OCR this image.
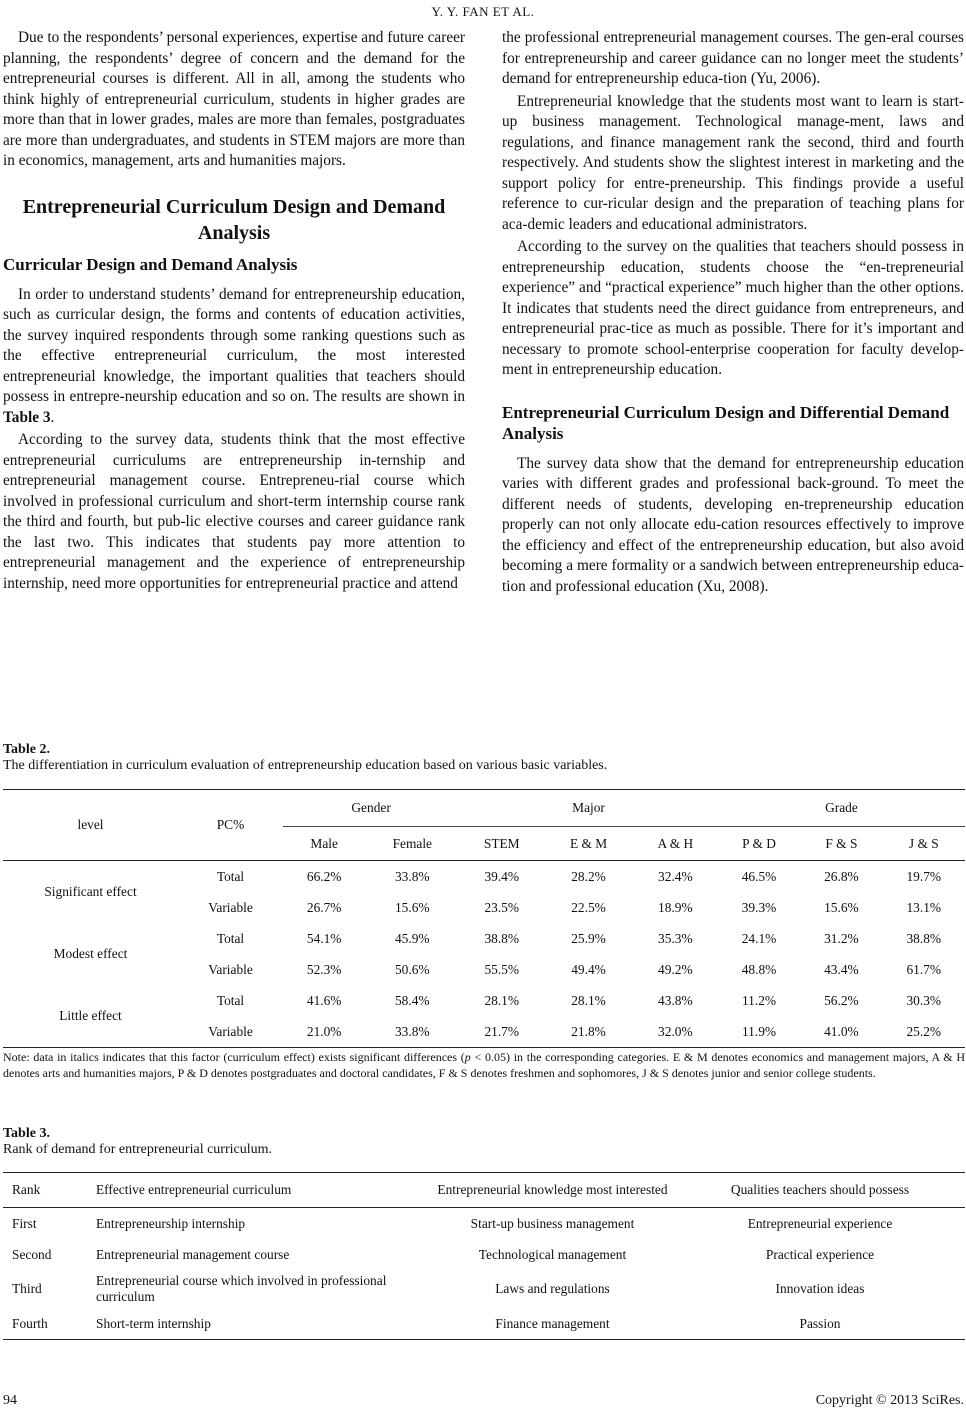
Y. Y. FAN ET AL.

Due to the respondents’ personal experiences, expertise and future career planning, the respondents’ degree of concern and the demand for the entrepreneurial courses is different. All in all, among the students who think highly of entrepreneurial curriculum, students in higher grades are more than that in lower grades, males are more than females, postgraduates are more than undergraduates, and students in STEM majors are more than in economics, management, arts and humanities majors.

Entrepreneurial Curriculum Design and Demand Analysis
Curricular Design and Demand Analysis

In order to understand students’ demand for entrepreneurship education, such as curricular design, the forms and contents of education activities, the survey inquired respondents through some ranking questions such as the effective entrepreneurial curriculum, the most interested entrepreneurial knowledge, the important qualities that teachers should possess in entrepre-neurship education and so on. The results are shown in Table 3.

According to the survey data, students think that the most effective entrepreneurial curriculums are entrepreneurship in-ternship and entrepreneurial management course. Entrepreneu-rial course which involved in professional curriculum and short-term internship course rank the third and fourth, but pub-lic elective courses and career guidance rank the last two. This indicates that students pay more attention to entrepreneurial management and the experience of entrepreneurship internship, need more opportunities for entrepreneurial practice and attend

the professional entrepreneurial management courses. The gen-eral courses for entrepreneurship and career guidance can no longer meet the students’ demand for entrepreneurship educa-tion (Yu, 2006).

Entrepreneurial knowledge that the students most want to learn is start-up business management. Technological manage-ment, laws and regulations, and finance management rank the second, third and fourth respectively. And students show the slightest interest in marketing and the support policy for entre-preneurship. This findings provide a useful reference to cur-ricular design and the preparation of teaching plans for aca-demic leaders and educational administrators.

According to the survey on the qualities that teachers should possess in entrepreneurship education, students choose the “en-trepreneurial experience” and “practical experience” much higher than the other options. It indicates that students need the direct guidance from entrepreneurs, and entrepreneurial prac-tice as much as possible. There for it’s important and necessary to promote school-enterprise cooperation for faculty develop-ment in entrepreneurship education.

Entrepreneurial Curriculum Design and Differential Demand Analysis

The survey data show that the demand for entrepreneurship education varies with different grades and professional back-ground. To meet the different needs of students, developing en-trepreneurship education properly can not only allocate edu-cation resources effectively to improve the efficiency and effect of the entrepreneurship education, but also avoid becoming a mere formality or a sandwich between entrepreneurship educa-tion and professional education (Xu, 2008).

Table 2.
The differentiation in curriculum evaluation of entrepreneurship education based on various basic variables.
level	PC%	Gender		Major			Grade		
		Male	Female	STEM	E & M	A & H	P & D	F & S	J & S
Significant effect	Total	66.2%	33.8%	39.4%	28.2%	32.4%	46.5%	26.8%	19.7%
	Variable	26.7%	15.6%	23.5%	22.5%	18.9%	39.3%	15.6%	13.1%
Modest effect	Total	54.1%	45.9%	38.8%	25.9%	35.3%	24.1%	31.2%	38.8%
	Variable	52.3%	50.6%	55.5%	49.4%	49.2%	48.8%	43.4%	61.7%
Little effect	Total	41.6%	58.4%	28.1%	28.1%	43.8%	11.2%	56.2%	30.3%
	Variable	21.0%	33.8%	21.7%	21.8%	32.0%	11.9%	41.0%	25.2%
Note: data in italics indicates that this factor (curriculum effect) exists significant differences (p < 0.05) in the corresponding categories. E & M denotes economics and management majors, A & H denotes arts and humanities majors, P & D denotes postgraduates and doctoral candidates, F & S denotes freshmen and sophomores, J & S denotes junior and senior college students.
Table 3.
Rank of demand for entrepreneurial curriculum.
Rank	Effective entrepreneurial curriculum	Entrepreneurial knowledge most interested	Qualities teachers should possess
First	Entrepreneurship internship	Start-up business management	Entrepreneurial experience
Second	Entrepreneurial management course	Technological management	Practical experience
Third	Entrepreneurial course which involved in professional curriculum	Laws and regulations	Innovation ideas
Fourth	Short-term internship	Finance management	Passion
94	Copyright © 2013 SciRes.
